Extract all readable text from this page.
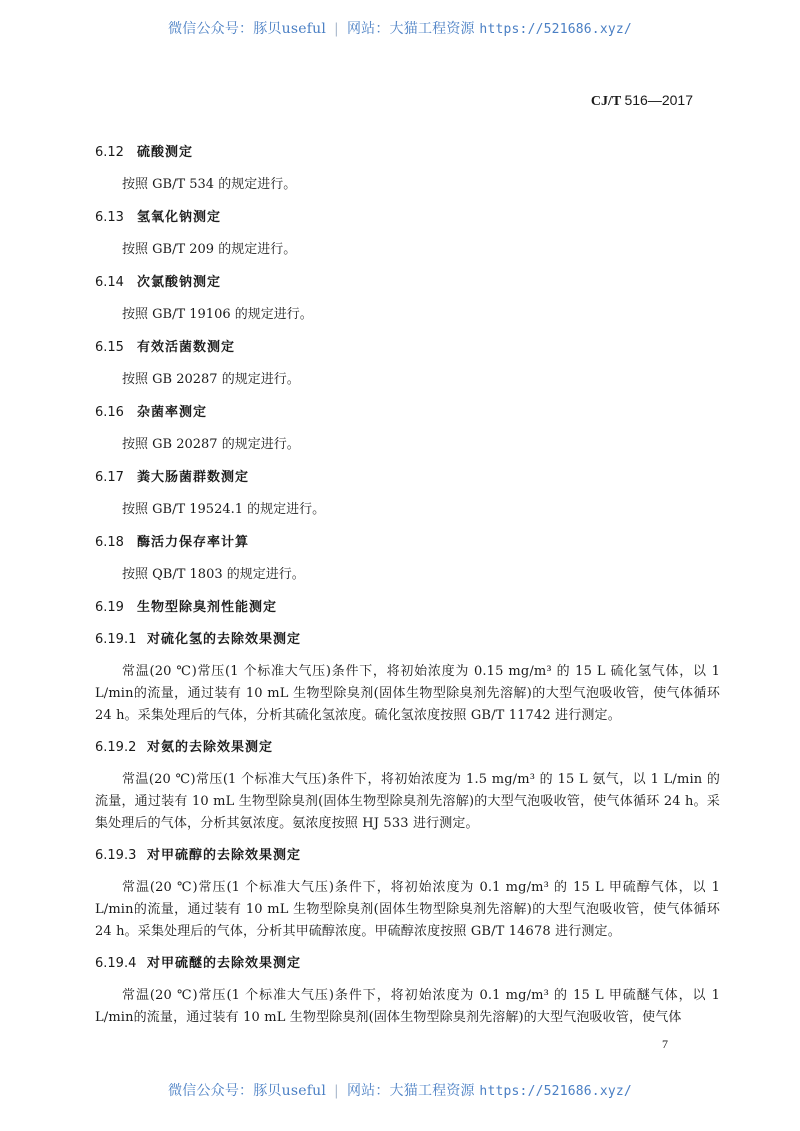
微信公众号：豚贝useful | 网站：大猫工程资源 https://521686.xyz/
CJ/T 516—2017
6.12 硫酸测定

按照 GB/T 534 的规定进行。

6.13 氢氧化钠测定

按照 GB/T 209 的规定进行。

6.14 次氯酸钠测定

按照 GB/T 19106 的规定进行。

6.15 有效活菌数测定

按照 GB 20287 的规定进行。

6.16 杂菌率测定

按照 GB 20287 的规定进行。

6.17 粪大肠菌群数测定

按照 GB/T 19524.1 的规定进行。

6.18 酶活力保存率计算

按照 QB/T 1803 的规定进行。

6.19 生物型除臭剂性能测定
6.19.1 对硫化氢的去除效果测定

常温(20 ℃)常压(1 个标准大气压)条件下，将初始浓度为 0.15 mg/m³ 的 15 L 硫化氢气体，以 1 L/min的流量，通过装有 10 mL 生物型除臭剂(固体生物型除臭剂先溶解)的大型气泡吸收管，使气体循环 24 h。采集处理后的气体，分析其硫化氢浓度。硫化氢浓度按照 GB/T 11742 进行测定。

6.19.2 对氨的去除效果测定

常温(20 ℃)常压(1 个标准大气压)条件下，将初始浓度为 1.5 mg/m³ 的 15 L 氨气，以 1 L/min 的流量，通过装有 10 mL 生物型除臭剂(固体生物型除臭剂先溶解)的大型气泡吸收管，使气体循环 24 h。采集处理后的气体，分析其氨浓度。氨浓度按照 HJ 533 进行测定。

6.19.3 对甲硫醇的去除效果测定

常温(20 ℃)常压(1 个标准大气压)条件下，将初始浓度为 0.1 mg/m³ 的 15 L 甲硫醇气体，以 1 L/min的流量，通过装有 10 mL 生物型除臭剂(固体生物型除臭剂先溶解)的大型气泡吸收管，使气体循环 24 h。采集处理后的气体，分析其甲硫醇浓度。甲硫醇浓度按照 GB/T 14678 进行测定。

6.19.4 对甲硫醚的去除效果测定

常温(20 ℃)常压(1 个标准大气压)条件下，将初始浓度为 0.1 mg/m³ 的 15 L 甲硫醚气体，以 1 L/min的流量，通过装有 10 mL 生物型除臭剂(固体生物型除臭剂先溶解)的大型气泡吸收管，使气体

7
微信公众号：豚贝useful | 网站：大猫工程资源 https://521686.xyz/
